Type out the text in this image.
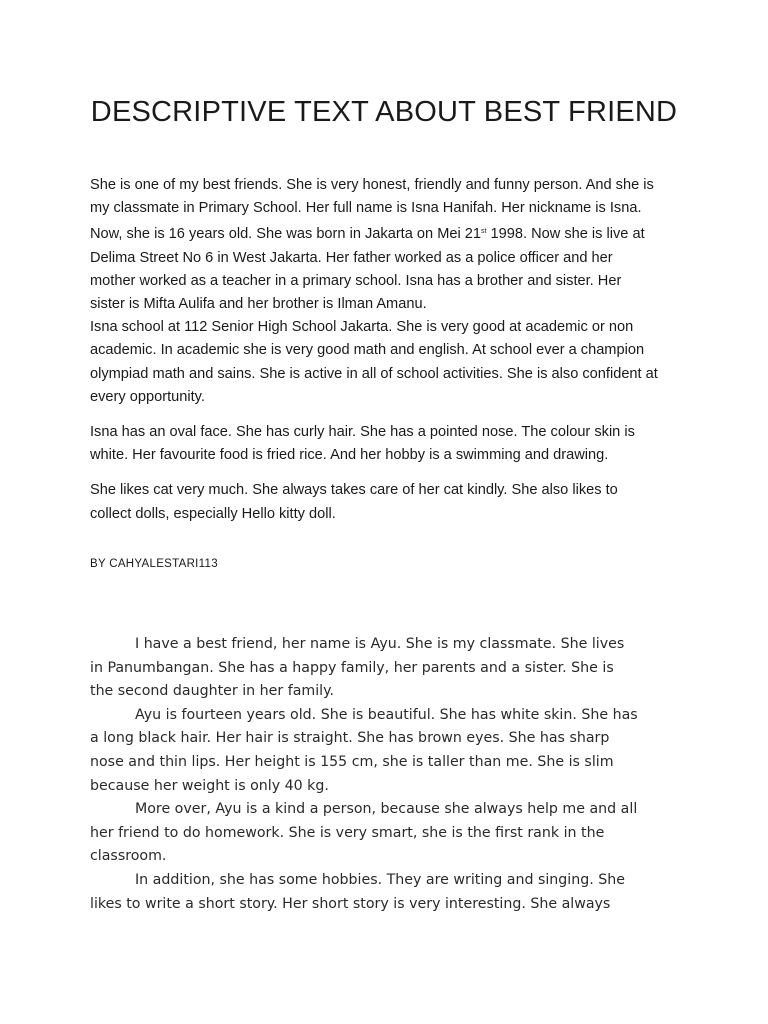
DESCRIPTIVE TEXT ABOUT BEST FRIEND

She is one of my best friends. She is very honest, friendly and funny person. And she is
my classmate in Primary School. Her full name is Isna Hanifah. Her nickname is Isna.
Now, she is 16 years old. She was born in Jakarta on Mei 21st 1998. Now she is live at
Delima Street No 6 in West Jakarta. Her father worked as a police officer and her
mother worked as a teacher in a primary school. Isna has a brother and sister. Her
sister is Mifta Aulifa and her brother is Ilman Amanu.

Isna school at 112 Senior High School Jakarta. She is very good at academic or non
academic. In academic she is very good math and english. At school ever a champion
olympiad math and sains. She is active in all of school activities. She is also confident at
every opportunity.

Isna has an oval face. She has curly hair. She has a pointed nose. The colour skin is
white. Her favourite food is fried rice. And her hobby is a swimming and drawing.

She likes cat very much. She always takes care of her cat kindly. She also likes to
collect dolls, especially Hello kitty doll.

BY CAHYALESTARI113

I have a best friend, her name is Ayu. She is my classmate. She lives
in Panumbangan. She has a happy family, her parents and a sister. She is
the second daughter in her family.

Ayu is fourteen years old. She is beautiful. She has white skin. She has
a long black hair. Her hair is straight. She has brown eyes. She has sharp
nose and thin lips. Her height is 155 cm, she is taller than me. She is slim
because her weight is only 40 kg.

More over, Ayu is a kind a person, because she always help me and all
her friend to do homework. She is very smart, she is the first rank in the
classroom.

In addition, she has some hobbies. They are writing and singing. She
likes to write a short story. Her short story is very interesting. She always
